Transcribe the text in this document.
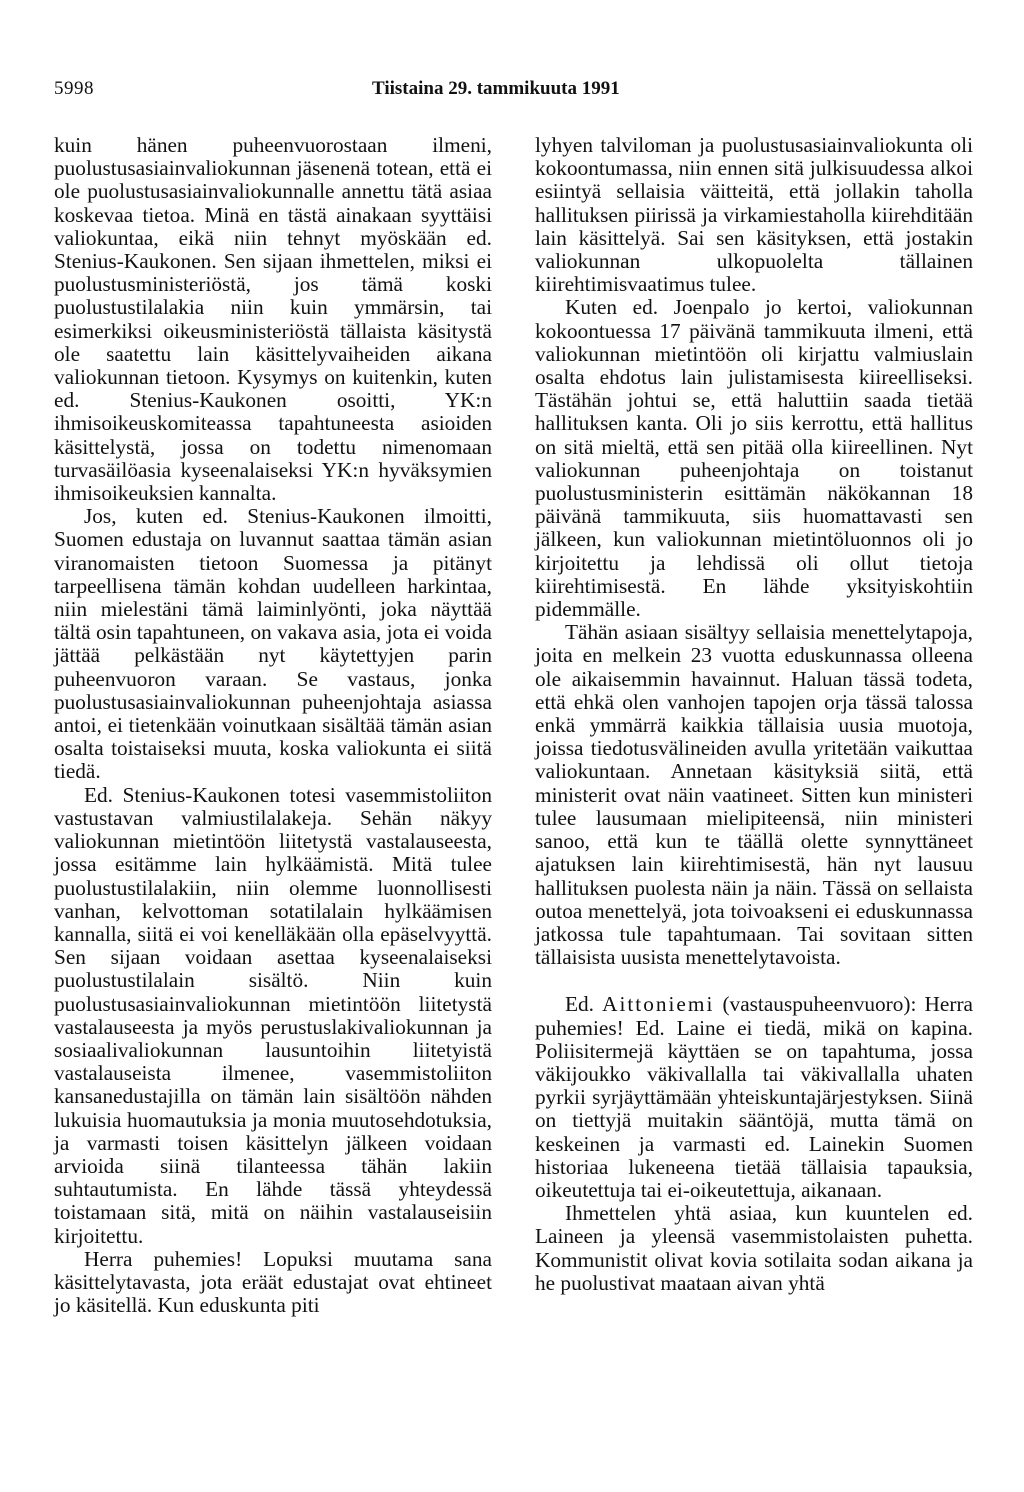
5998	Tiistaina 29. tammikuuta 1991

kuin hänen puheenvuorostaan ilmeni, puolustusasiainvaliokunnan jäsenenä totean, että ei ole puolustusasiainvaliokunnalle annettu tätä asiaa koskevaa tietoa. Minä en tästä ainakaan syyttäisi valiokuntaa, eikä niin tehnyt myöskään ed. Stenius-Kaukonen. Sen sijaan ihmettelen, miksi ei puolustusministeriöstä, jos tämä koski puolustustilalakia niin kuin ymmärsin, tai esimerkiksi oikeusministeriöstä tällaista käsitystä ole saatettu lain käsittelyvaiheiden aikana valiokunnan tietoon. Kysymys on kuitenkin, kuten ed. Stenius-Kaukonen osoitti, YK:n ihmisoikeuskomiteassa tapahtuneesta asioiden käsittelystä, jossa on todettu nimenomaan turvasäilöasia kyseenalaiseksi YK:n hyväksymien ihmisoikeuksien kannalta.

Jos, kuten ed. Stenius-Kaukonen ilmoitti, Suomen edustaja on luvannut saattaa tämän asian viranomaisten tietoon Suomessa ja pitänyt tarpeellisena tämän kohdan uudelleen harkintaa, niin mielestäni tämä laiminlyönti, joka näyttää tältä osin tapahtuneen, on vakava asia, jota ei voida jättää pelkästään nyt käytettyjen parin puheenvuoron varaan. Se vastaus, jonka puolustusasiainvaliokunnan puheenjohtaja asiassa antoi, ei tietenkään voinutkaan sisältää tämän asian osalta toistaiseksi muuta, koska valiokunta ei siitä tiedä.

Ed. Stenius-Kaukonen totesi vasemmistoliiton vastustavan valmiustilalakeja. Sehän näkyy valiokunnan mietintöön liitetystä vastalauseesta, jossa esitämme lain hylkäämistä. Mitä tulee puolustustilalakiin, niin olemme luonnollisesti vanhan, kelvottoman sotatilalain hylkäämisen kannalla, siitä ei voi kenelläkään olla epäselvyyttä. Sen sijaan voidaan asettaa kyseenalaiseksi puolustustilalain sisältö. Niin kuin puolustusasiainvaliokunnan mietintöön liitetystä vastalauseesta ja myös perustuslakivaliokunnan ja sosiaalivaliokunnan lausuntoihin liitetyistä vastalauseista ilmenee, vasemmistoliiton kansanedustajilla on tämän lain sisältöön nähden lukuisia huomautuksia ja monia muutosehdotuksia, ja varmasti toisen käsittelyn jälkeen voidaan arvioida siinä tilanteessa tähän lakiin suhtautumista. En lähde tässä yhteydessä toistamaan sitä, mitä on näihin vastalauseisiin kirjoitettu.

Herra puhemies! Lopuksi muutama sana käsittelytavasta, jota eräät edustajat ovat ehtineet jo käsitellä. Kun eduskunta piti

lyhyen talviloman ja puolustusasiainvaliokunta oli kokoontumassa, niin ennen sitä julkisuudessa alkoi esiintyä sellaisia väitteitä, että jollakin taholla hallituksen piirissä ja virkamiestaholla kiirehditään lain käsittelyä. Sai sen käsityksen, että jostakin valiokunnan ulkopuolelta tällainen kiirehtimisvaatimus tulee.

Kuten ed. Joenpalo jo kertoi, valiokunnan kokoontuessa 17 päivänä tammikuuta ilmeni, että valiokunnan mietintöön oli kirjattu valmiuslain osalta ehdotus lain julistamisesta kiireelliseksi. Tästähän johtui se, että haluttiin saada tietää hallituksen kanta. Oli jo siis kerrottu, että hallitus on sitä mieltä, että sen pitää olla kiireellinen. Nyt valiokunnan puheenjohtaja on toistanut puolustusministerin esittämän näkökannan 18 päivänä tammikuuta, siis huomattavasti sen jälkeen, kun valiokunnan mietintöluonnos oli jo kirjoitettu ja lehdissä oli ollut tietoja kiirehtimisestä. En lähde yksityiskohtiin pidemmälle.

Tähän asiaan sisältyy sellaisia menettelytapoja, joita en melkein 23 vuotta eduskunnassa olleena ole aikaisemmin havainnut. Haluan tässä todeta, että ehkä olen vanhojen tapojen orja tässä talossa enkä ymmärrä kaikkia tällaisia uusia muotoja, joissa tiedotusvälineiden avulla yritetään vaikuttaa valiokuntaan. Annetaan käsityksiä siitä, että ministerit ovat näin vaatineet. Sitten kun ministeri tulee lausumaan mielipiteensä, niin ministeri sanoo, että kun te täällä olette synnyttäneet ajatuksen lain kiirehtimisestä, hän nyt lausuu hallituksen puolesta näin ja näin. Tässä on sellaista outoa menettelyä, jota toivoakseni ei eduskunnassa jatkossa tule tapahtumaan. Tai sovitaan sitten tällaisista uusista menettelytavoista.

Ed. Aittoniemi (vastauspuheenvuoro): Herra puhemies! Ed. Laine ei tiedä, mikä on kapina. Poliisitermejä käyttäen se on tapahtuma, jossa väkijoukko väkivallalla tai väkivallalla uhaten pyrkii syrjäyttämään yhteiskuntajärjestyksen. Siinä on tiettyjä muitakin sääntöjä, mutta tämä on keskeinen ja varmasti ed. Lainekin Suomen historiaa lukeneena tietää tällaisia tapauksia, oikeutettuja tai ei-oikeutettuja, aikanaan.

Ihmettelen yhtä asiaa, kun kuuntelen ed. Laineen ja yleensä vasemmistolaisten puhetta. Kommunistit olivat kovia sotilaita sodan aikana ja he puolustivat maataan aivan yhtä
